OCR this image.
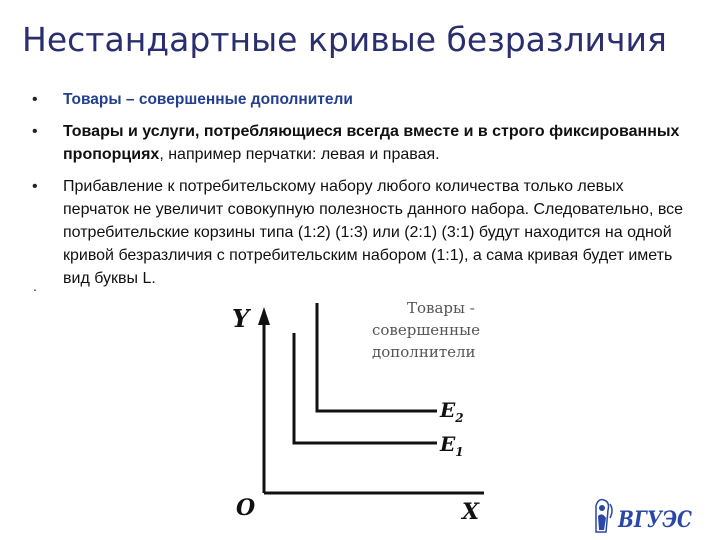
Нестандартные кривые безразличия
• Товары – совершенные дополнители
• Товары и услуги, потребляющиеся всегда вместе и в строго фиксированных пропорциях, например перчатки: левая и правая.
• Прибавление к потребительскому набору любого количества только левых перчаток не увеличит совокупную полезность данного набора. Следовательно, все потребительские корзины типа (1:2) (1:3) или (2:1) (3:1) будут находится на одной кривой безразличия с потребительским набором (1:1), а сама кривая будет иметь вид буквы L.
.
Y
X
O
Товары -
совершенные
дополнители
$E_2$
$E_1$
ВГУЭС
